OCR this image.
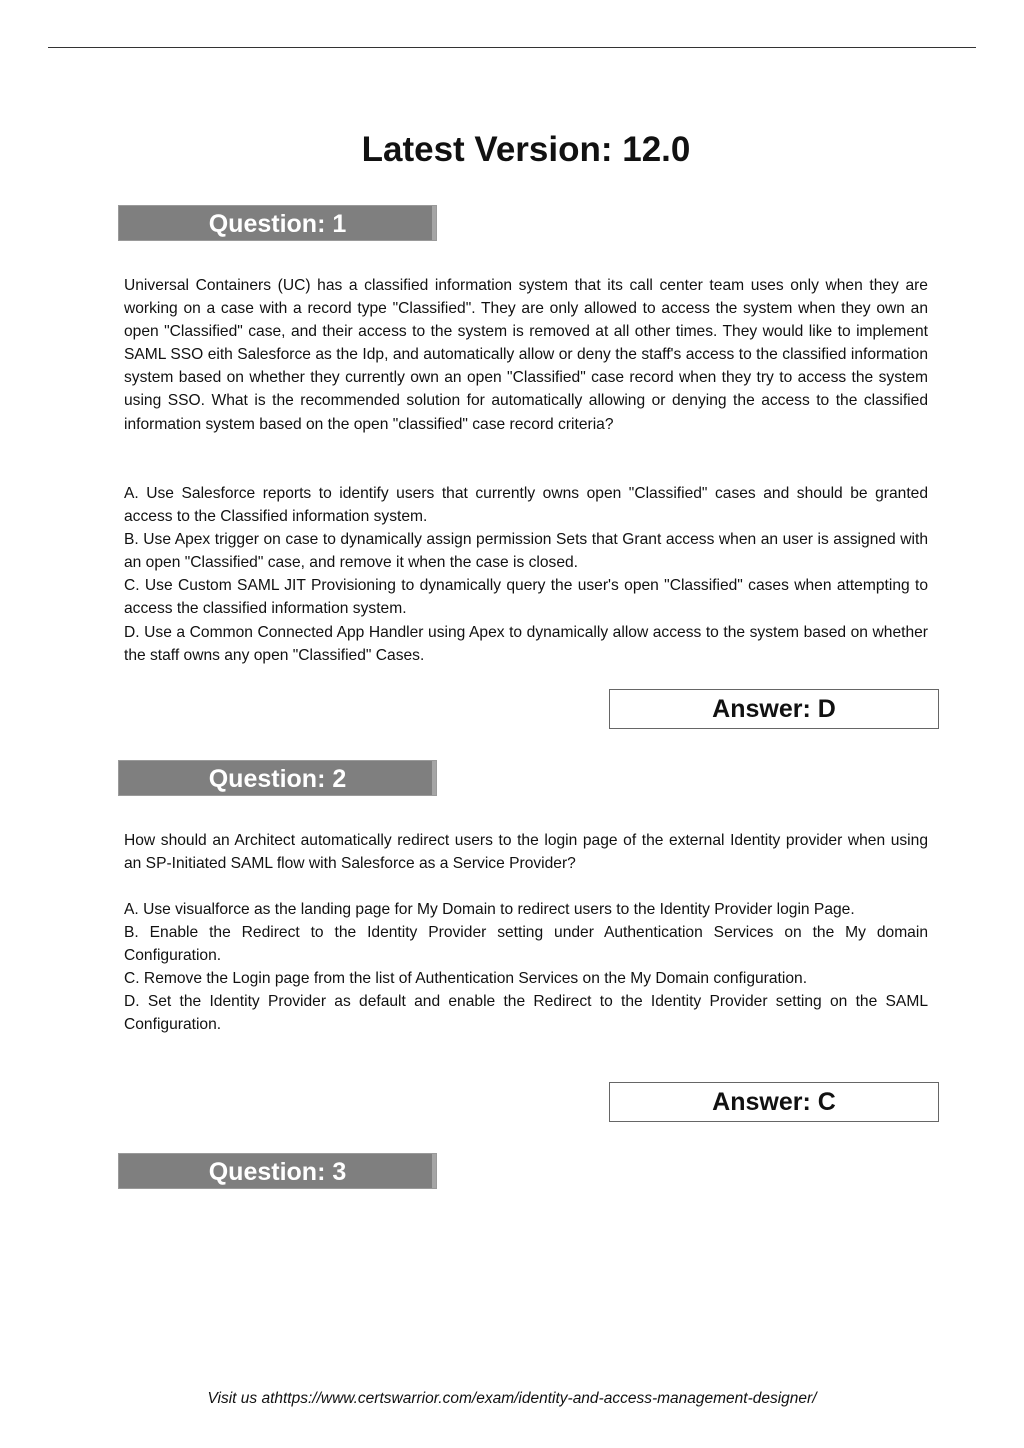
Latest Version: 12.0
Question: 1

Universal Containers (UC) has a classified information system that its call center team uses only when they are working on a case with a record type "Classified". They are only allowed to access the system when they own an open "Classified" case, and their access to the system is removed at all other times. They would like to implement SAML SSO eith Salesforce as the Idp, and automatically allow or deny the staff's access to the classified information system based on whether they currently own an open "Classified" case record when they try to access the system using SSO. What is the recommended solution for automatically allowing or denying the access to the classified information system based on the open "classified" case record criteria?

A. Use Salesforce reports to identify users that currently owns open "Classified" cases and should be granted access to the Classified information system.

B. Use Apex trigger on case to dynamically assign permission Sets that Grant access when an user is assigned with an open "Classified" case, and remove it when the case is closed.

C. Use Custom SAML JIT Provisioning to dynamically query the user's open "Classified" cases when attempting to access the classified information system.

D. Use a Common Connected App Handler using Apex to dynamically allow access to the system based on whether the staff owns any open "Classified" Cases.

Answer: D
Question: 2

How should an Architect automatically redirect users to the login page of the external Identity provider when using an SP-Initiated SAML flow with Salesforce as a Service Provider?

A. Use visualforce as the landing page for My Domain to redirect users to the Identity Provider login Page.

B. Enable the Redirect to the Identity Provider setting under Authentication Services on the My domain Configuration.

C. Remove the Login page from the list of Authentication Services on the My Domain configuration.

D. Set the Identity Provider as default and enable the Redirect to the Identity Provider setting on the SAML Configuration.

Answer: C
Question: 3
Visit us athttps://www.certswarrior.com/exam/identity-and-access-management-designer/
